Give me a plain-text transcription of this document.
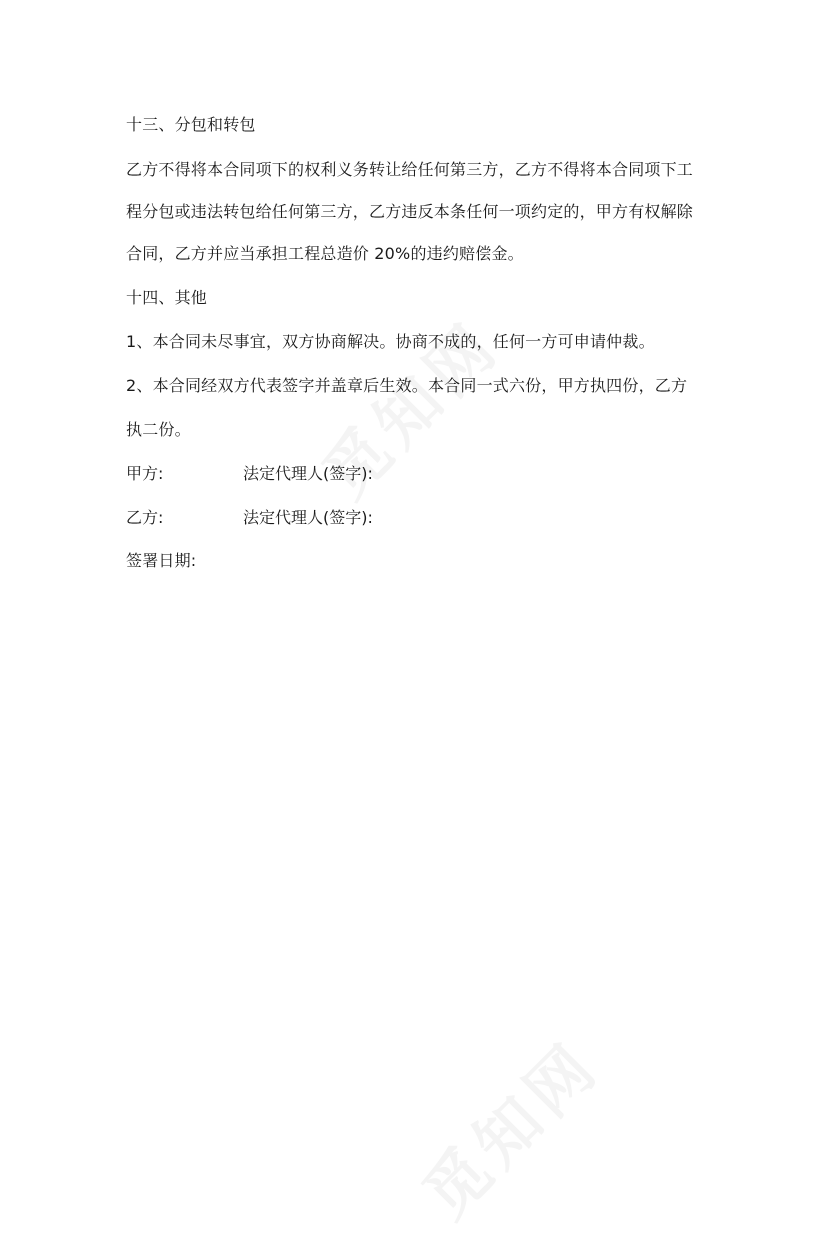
十三、分包和转包
乙方不得将本合同项下的权利义务转让给任何第三方，乙方不得将本合同项下工
程分包或违法转包给任何第三方，乙方违反本条任何一项约定的，甲方有权解除
合同，乙方并应当承担工程总造价 20%的违约赔偿金。
十四、其他
1、本合同未尽事宜，双方协商解决。协商不成的，任何一方可申请仲裁。
2、本合同经双方代表签字并盖章后生效。本合同一式六份，甲方执四份，乙方
执二份。
甲方:	法定代理人(签字):
乙方:	法定代理人(签字):
签署日期:
